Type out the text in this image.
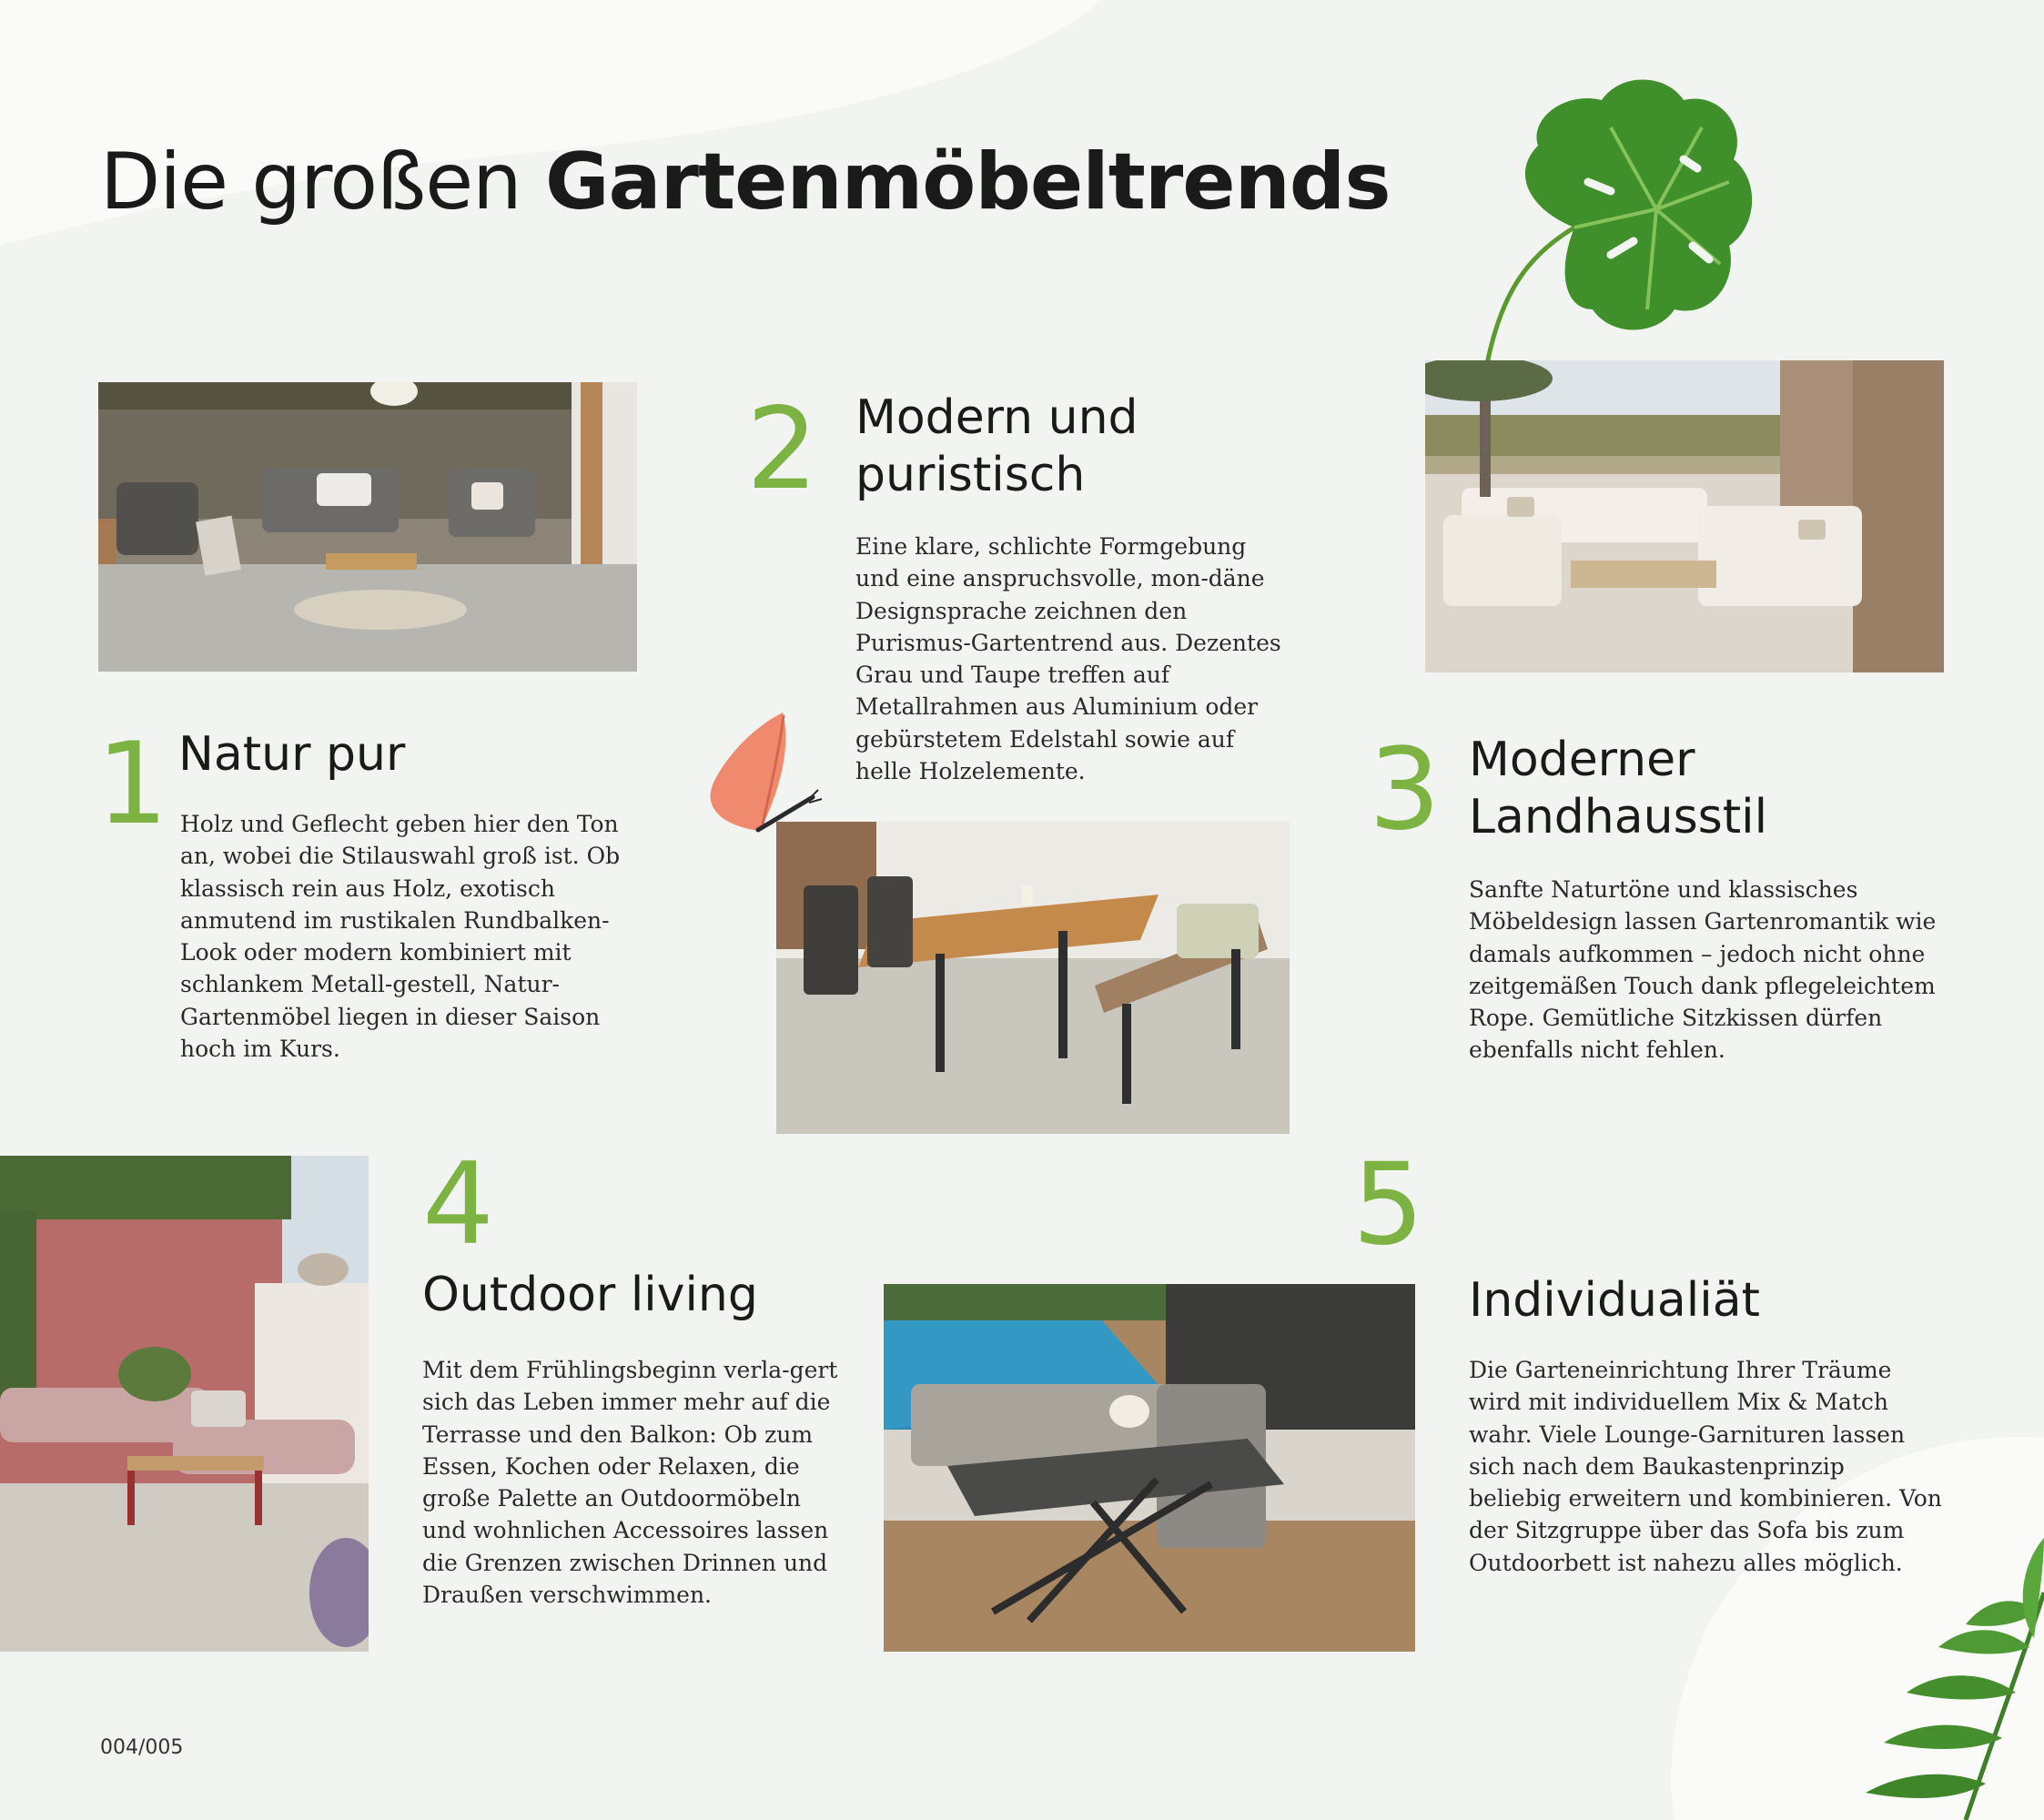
Die großen Gartenmöbeltrends
1 Natur pur

Holz und Geflecht geben hier den Ton an, wobei die Stilauswahl groß ist. Ob klassisch rein aus Holz, exotisch anmutend im rustikalen Rundbalken-Look oder modern kombiniert mit schlankem Metall-gestell, Natur-Gartenmöbel liegen in dieser Saison hoch im Kurs.

2 Modern und puristisch

Eine klare, schlichte Formgebung und eine anspruchsvolle, mon-däne Designsprache zeichnen den Purismus-Gartentrend aus. Dezentes Grau und Taupe treffen auf Metallrahmen aus Aluminium oder gebürstetem Edelstahl sowie auf helle Holzelemente.	3 Moderner Landhausstil

Sanfte Naturtöne und klassisches Möbeldesign lassen Gartenromantik wie damals aufkommen – jedoch nicht ohne zeitgemäßen Touch dank pflegeleichtem Rope. Gemütliche Sitzkissen dürfen ebenfalls nicht fehlen.

4
Outdoor living

Mit dem Frühlingsbeginn verla-gert sich das Leben immer mehr auf die Terrasse und den Balkon: Ob zum Essen, Kochen oder Relaxen, die große Palette an Outdoormöbeln und wohnlichen Accessoires lassen die Grenzen zwischen Drinnen und Draußen verschwimmen.

5
Individualiät

Die Garteneinrichtung Ihrer Träume wird mit individuellem Mix & Match wahr. Viele Lounge-Garnituren lassen sich nach dem Baukastenprinzip beliebig erweitern und kombinieren. Von der Sitzgruppe über das Sofa bis zum Outdoorbett ist nahezu alles möglich.

004/005
